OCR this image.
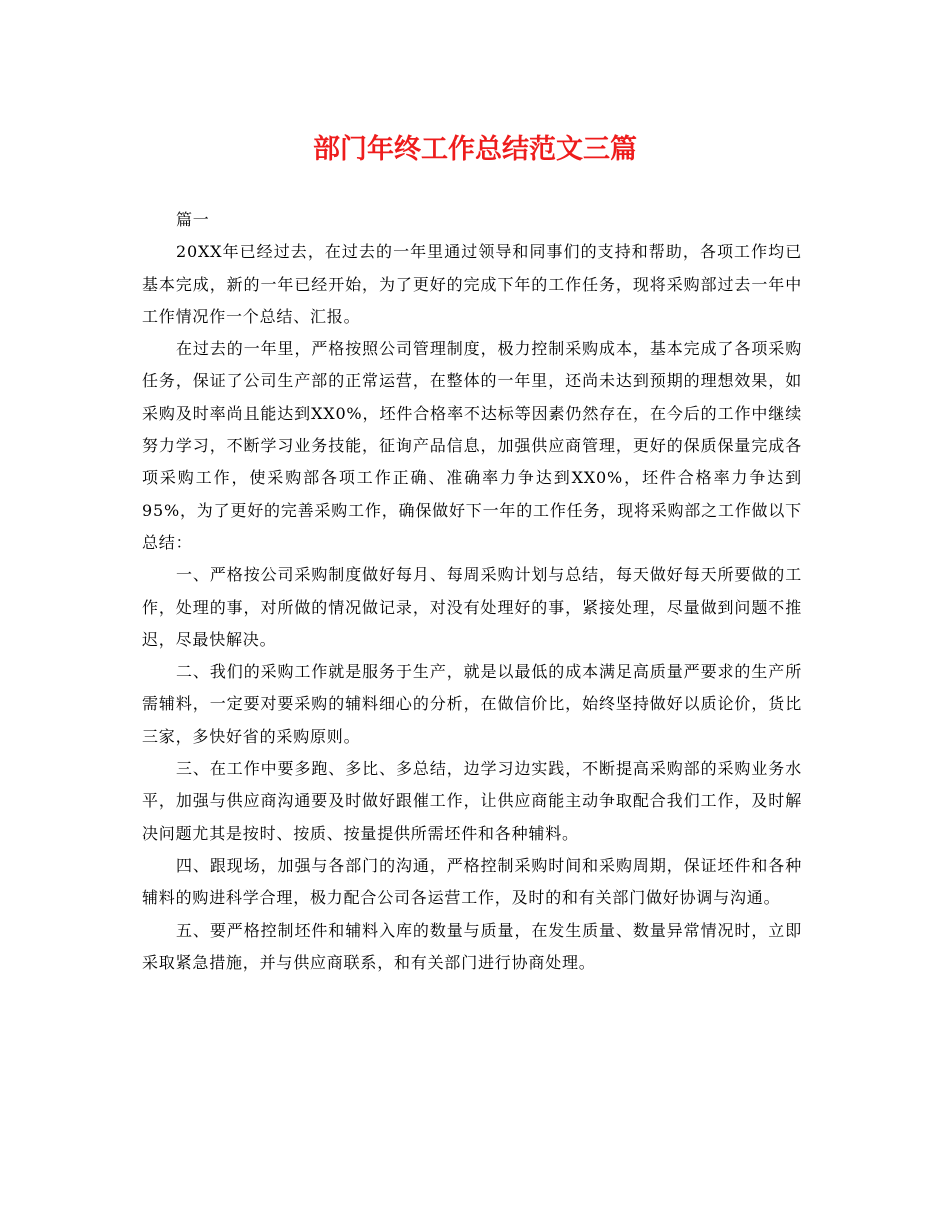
部门年终工作总结范文三篇

篇一

20XX年已经过去，在过去的一年里通过领导和同事们的支持和帮助，各项工作均已基本完成，新的一年已经开始，为了更好的完成下年的工作任务，现将采购部过去一年中工作情况作一个总结、汇报。

在过去的一年里，严格按照公司管理制度，极力控制采购成本，基本完成了各项采购任务，保证了公司生产部的正常运营，在整体的一年里，还尚未达到预期的理想效果，如采购及时率尚且能达到XX0%，坯件合格率不达标等因素仍然存在，在今后的工作中继续努力学习，不断学习业务技能，征询产品信息，加强供应商管理，更好的保质保量完成各项采购工作，使采购部各项工作正确、准确率力争达到XX0%，坯件合格率力争达到95%，为了更好的完善采购工作，确保做好下一年的工作任务，现将采购部之工作做以下总结：

一、严格按公司采购制度做好每月、每周采购计划与总结，每天做好每天所要做的工作，处理的事，对所做的情况做记录，对没有处理好的事，紧接处理，尽量做到问题不推迟，尽最快解决。

二、我们的采购工作就是服务于生产，就是以最低的成本满足高质量严要求的生产所需辅料，一定要对要采购的辅料细心的分析，在做信价比，始终坚持做好以质论价，货比三家，多快好省的采购原则。

三、在工作中要多跑、多比、多总结，边学习边实践，不断提高采购部的采购业务水平，加强与供应商沟通要及时做好跟催工作，让供应商能主动争取配合我们工作，及时解决问题尤其是按时、按质、按量提供所需坯件和各种辅料。

四、跟现场，加强与各部门的沟通，严格控制采购时间和采购周期，保证坯件和各种辅料的购进科学合理，极力配合公司各运营工作，及时的和有关部门做好协调与沟通。

五、要严格控制坯件和辅料入库的数量与质量，在发生质量、数量异常情况时，立即采取紧急措施，并与供应商联系，和有关部门进行协商处理。
